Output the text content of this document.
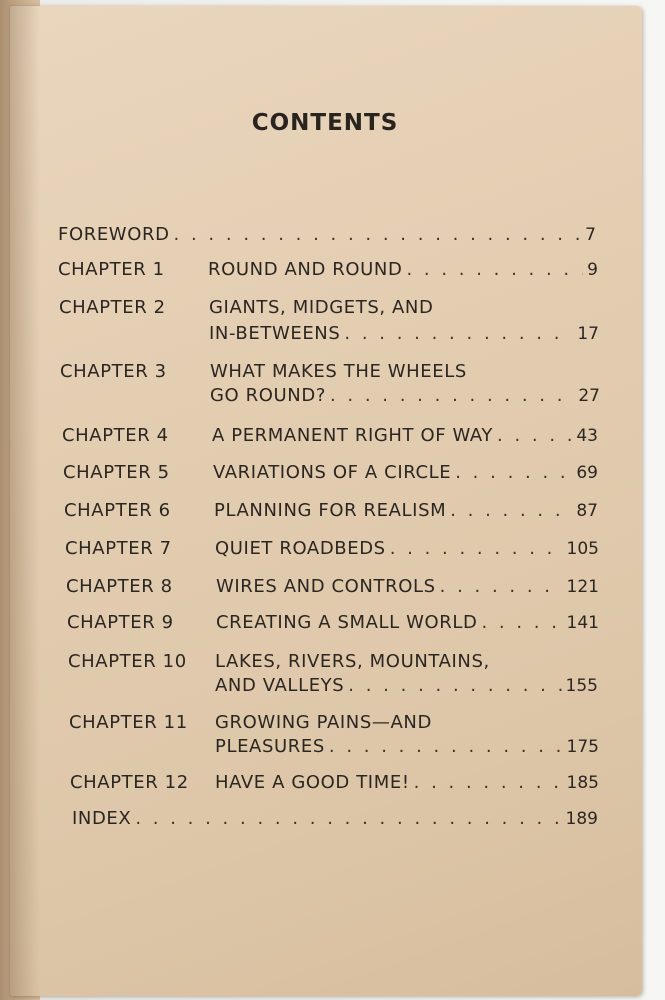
CONTENTS
FOREWORD . . .	7
CHAPTER 1 ROUND AND ROUND . . .	9
CHAPTER 2 GIANTS, MIDGETS, AND
IN-BETWEENS . . .	17
CHAPTER 3 WHAT MAKES THE WHEELS
GO ROUND? . . .	27
CHAPTER 4 A PERMANENT RIGHT OF WAY . . .	43
CHAPTER 5 VARIATIONS OF A CIRCLE . . .	69
CHAPTER 6 PLANNING FOR REALISM . . .	87
CHAPTER 7 QUIET ROADBEDS . . .	105
CHAPTER 8 WIRES AND CONTROLS . . .	121
CHAPTER 9 CREATING A SMALL WORLD . . .	141
CHAPTER 10 LAKES, RIVERS, MOUNTAINS,
AND VALLEYS . . .	155
CHAPTER 11 GROWING PAINS—AND
PLEASURES . . .	175
CHAPTER 12 HAVE A GOOD TIME! . . .	185
INDEX . . .	189
